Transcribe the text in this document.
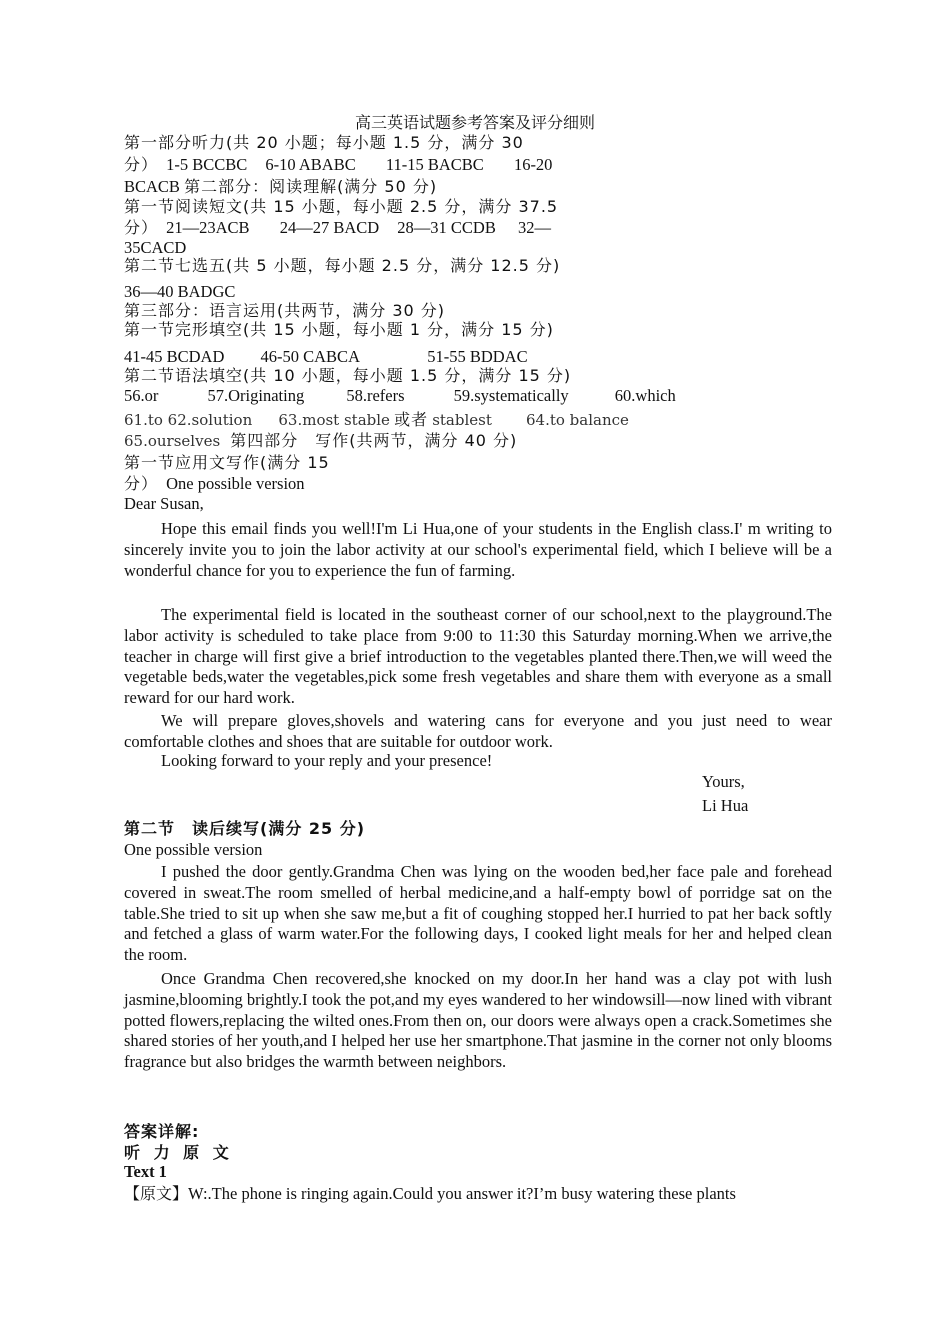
高三英语试题参考答案及评分细则
第一部分听力(共 20 小题；每小题 1.5 分，满分 30
分） 1-5 BCCBC 6-10 ABABC 11-15 BACBC 16-20
BCACB 第二部分：阅读理解(满分 50 分)
第一节阅读短文(共 15 小题，每小题 2.5 分，满分 37.5
分） 21—23ACB 24—27 BACD 28—31 CCDB 32—
35CACD
第二节七选五(共 5 小题，每小题 2.5 分，满分 12.5 分)
36—40 BADGC
第三部分：语言运用(共两节，满分 30 分)
第一节完形填空(共 15 小题，每小题 1 分，满分 15 分)
41-45 BCDAD 46-50 CABCA	51-55 BDDAC
第二节语法填空(共 10 小题，每小题 1.5 分，满分 15 分)
56.or	57.Originating	58.refers	59.systematically	60.which
61.to 62.solution 63.most stable 或者 stablest 64.to balance
65.ourselves 第四部分　写作(共两节，满分 40 分)
第一节应用文写作(满分 15
分） One possible version
Dear Susan,
Hope this email finds you well!I'm Li Hua,one of your students in the English class.I' m writing to sincerely invite you to join the labor activity at our school's experimental field, which I believe will be a wonderful chance for you to experience the fun of farming.
The experimental field is located in the southeast corner of our school,next to the playground.The labor activity is scheduled to take place from 9:00 to 11:30 this Saturday morning.When we arrive,the teacher in charge will first give a brief introduction to the vegetables planted there.Then,we will weed the vegetable beds,water the vegetables,pick some fresh vegetables and share them with everyone as a small reward for our hard work.
We will prepare gloves,shovels and watering cans for everyone and you just need to wear comfortable clothes and shoes that are suitable for outdoor work.
Looking forward to your reply and your presence!
Yours,
Li Hua
第二节　读后续写(满分 25 分)
One possible version
I pushed the door gently.Grandma Chen was lying on the wooden bed,her face pale and forehead covered in sweat.The room smelled of herbal medicine,and a half-empty bowl of porridge sat on the table.She tried to sit up when she saw me,but a fit of coughing stopped her.I hurried to pat her back softly and fetched a glass of warm water.For the following days, I cooked light meals for her and helped clean the room.
Once Grandma Chen recovered,she knocked on my door.In her hand was a clay pot with lush jasmine,blooming brightly.I took the pot,and my eyes wandered to her windowsill—now lined with vibrant potted flowers,replacing the wilted ones.From then on, our doors were always open a crack.Sometimes she shared stories of her youth,and I helped her use her smartphone.That jasmine in the corner not only blooms fragrance but also bridges the warmth between neighbors.
答案详解:
听 力 原 文
Text 1
【原文】W:.The phone is ringing again.Could you answer it?I’m busy watering these plants
